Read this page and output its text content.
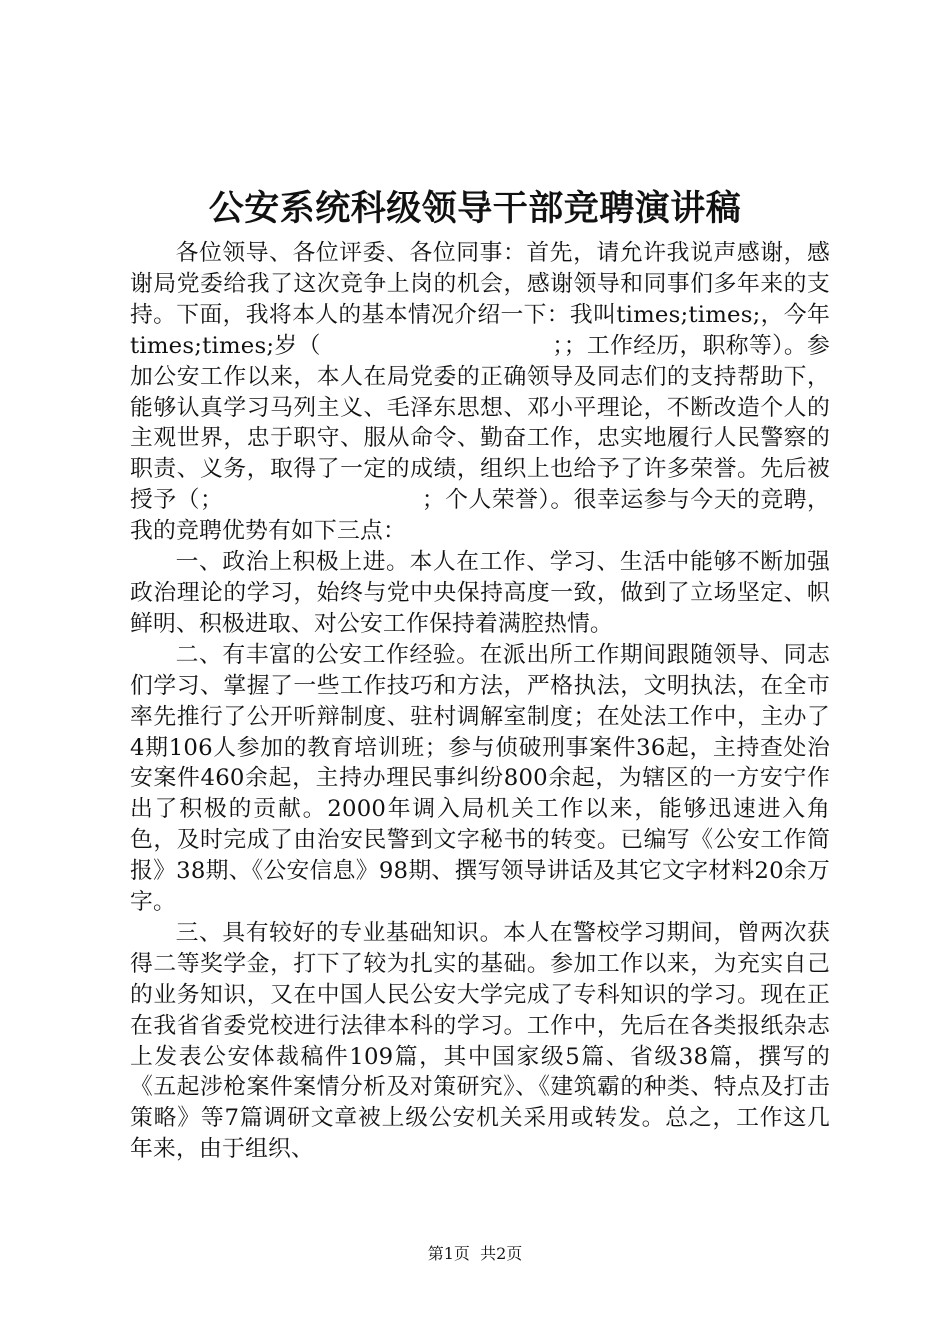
公安系统科级领导干部竞聘演讲稿

各位领导、各位评委、各位同事：首先，请允许我说声感谢，感谢局党委给我了这次竞争上岗的机会，感谢领导和同事们多年来的支持。下面，我将本人的基本情况介绍一下：我叫times;times;，今年times;times;岁（　　　　　　　　　　；；工作经历，职称等）。参加公安工作以来，本人在局党委的正确领导及同志们的支持帮助下，能够认真学习马列主义、毛泽东思想、邓小平理论，不断改造个人的主观世界，忠于职守、服从命令、勤奋工作，忠实地履行人民警察的职责、义务，取得了一定的成绩，组织上也给予了许多荣誉。先后被授予（；　　　　　　　　　；个人荣誉）。很幸运参与今天的竞聘，我的竞聘优势有如下三点：

一、政治上积极上进。本人在工作、学习、生活中能够不断加强政治理论的学习，始终与党中央保持高度一致，做到了立场坚定、帜鲜明、积极进取、对公安工作保持着满腔热情。

二、有丰富的公安工作经验。在派出所工作期间跟随领导、同志们学习、掌握了一些工作技巧和方法，严格执法，文明执法，在全市率先推行了公开听辩制度、驻村调解室制度；在处法工作中，主办了4期106人参加的教育培训班；参与侦破刑事案件36起，主持查处治安案件460余起，主持办理民事纠纷800余起，为辖区的一方安宁作出了积极的贡献。2000年调入局机关工作以来，能够迅速进入角色，及时完成了由治安民警到文字秘书的转变。已编写《公安工作简报》38期、《公安信息》98期、撰写领导讲话及其它文字材料20余万字。

三、具有较好的专业基础知识。本人在警校学习期间，曾两次获得二等奖学金，打下了较为扎实的基础。参加工作以来，为充实自己的业务知识，又在中国人民公安大学完成了专科知识的学习。现在正在我省省委党校进行法律本科的学习。工作中，先后在各类报纸杂志上发表公安体裁稿件109篇，其中国家级5篇、省级38篇，撰写的《五起涉枪案件案情分析及对策研究》、《建筑霸的种类、特点及打击策略》等7篇调研文章被上级公安机关采用或转发。总之，工作这几年来，由于组织、

第1页 共2页
